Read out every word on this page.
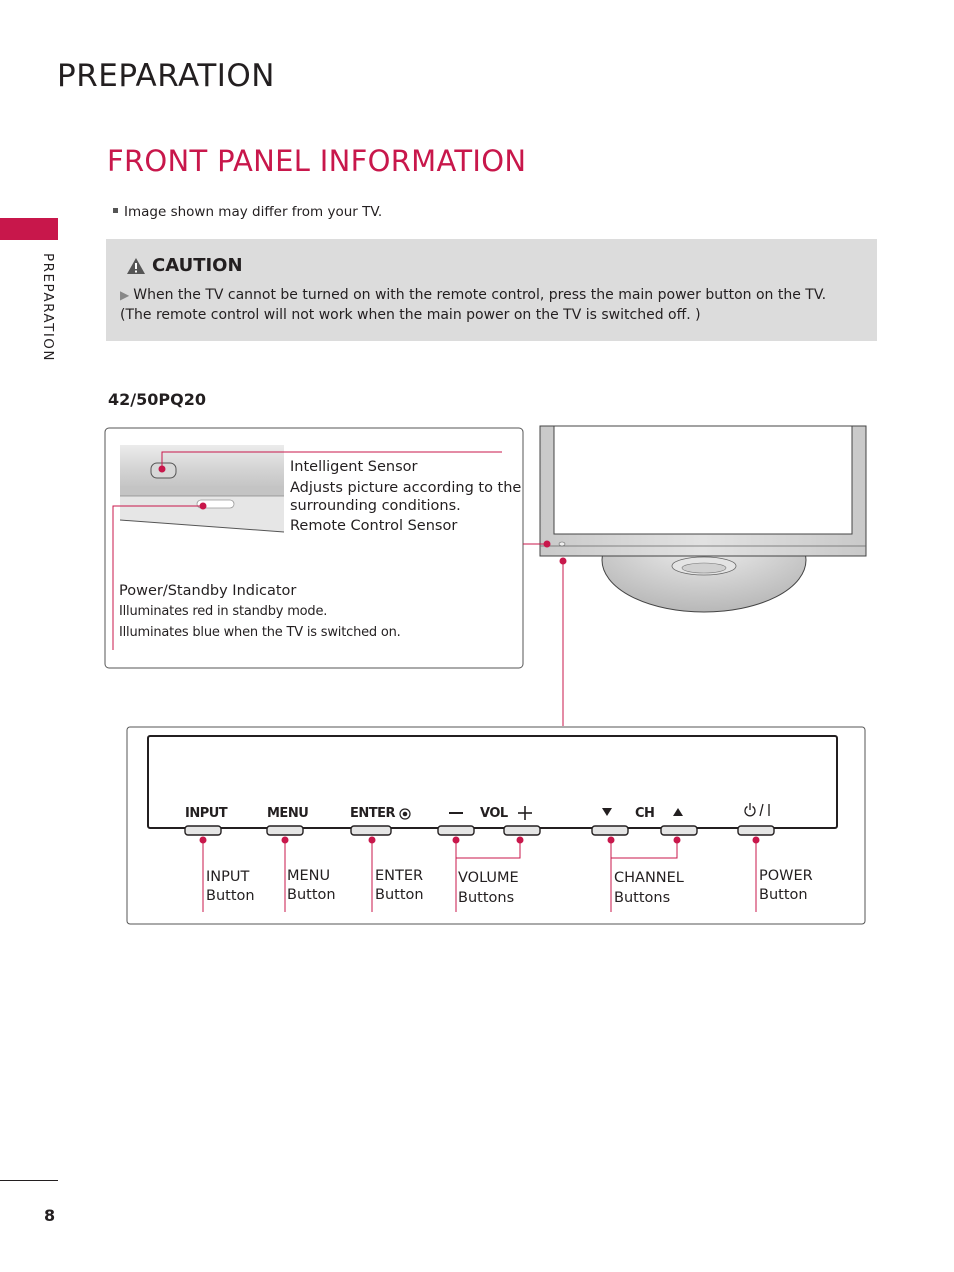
PREPARATION
PREPARATION
FRONT PANEL INFORMATION
Image shown may differ from your TV.
CAUTION
▶ When the TV cannot be turned on with the remote control, press the main power button on the TV. (The remote control will not work when the main power on the TV is switched off. )
42/50PQ20
Intelligent Sensor
Adjusts picture according to the
surrounding conditions.
Remote Control Sensor
Power/Standby Indicator
Illuminates red in standby mode.
Illuminates blue when the TV is switched on.
INPUT	MENU	ENTER	VOL	CH
INPUT
Button
MENU
Button
ENTER
Button
VOLUME
Buttons
CHANNEL
Buttons
POWER
Button
8
